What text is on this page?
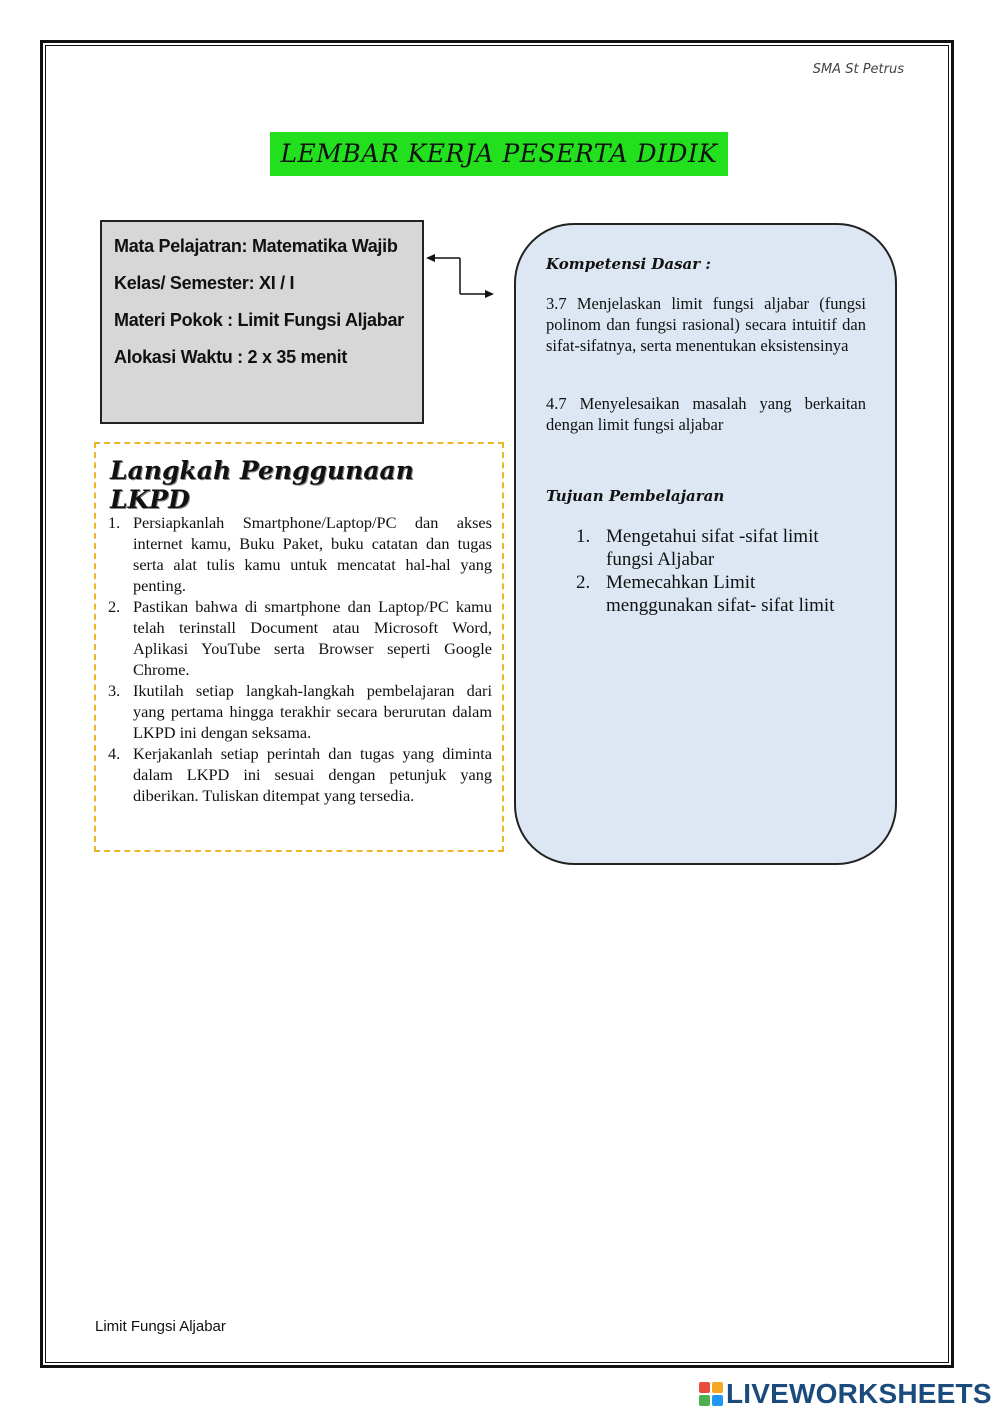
SMA St Petrus
LEMBAR KERJA PESERTA DIDIK
Mata Pelajatran: Matematika Wajib
Kelas/ Semester: XI / I
Materi Pokok : Limit Fungsi Aljabar
Alokasi Waktu : 2 x 35 menit
Kompetensi Dasar :
3.7 Menjelaskan limit fungsi aljabar (fungsi polinom dan fungsi rasional) secara intuitif dan sifat-sifatnya, serta menentukan eksistensinya
4.7 Menyelesaikan masalah yang berkaitan dengan limit fungsi aljabar
Tujuan Pembelajaran
1. Mengetahui sifat -sifat limit fungsi Aljabar
2. Memecahkan Limit menggunakan sifat- sifat limit
Langkah Penggunaan LKPD
1. Persiapkanlah Smartphone/Laptop/PC dan akses internet kamu, Buku Paket, buku catatan dan tugas serta alat tulis kamu untuk mencatat hal-hal yang penting.
2. Pastikan bahwa di smartphone dan Laptop/PC kamu telah terinstall Document atau Microsoft Word, Aplikasi YouTube serta Browser seperti Google Chrome.
3. Ikutilah setiap langkah-langkah pembelajaran dari yang pertama hingga terakhir secara berurutan dalam LKPD ini dengan seksama.
4. Kerjakanlah setiap perintah dan tugas yang diminta dalam LKPD ini sesuai dengan petunjuk yang diberikan. Tuliskan ditempat yang tersedia.
Limit Fungsi Aljabar
LIVEWORKSHEETS
